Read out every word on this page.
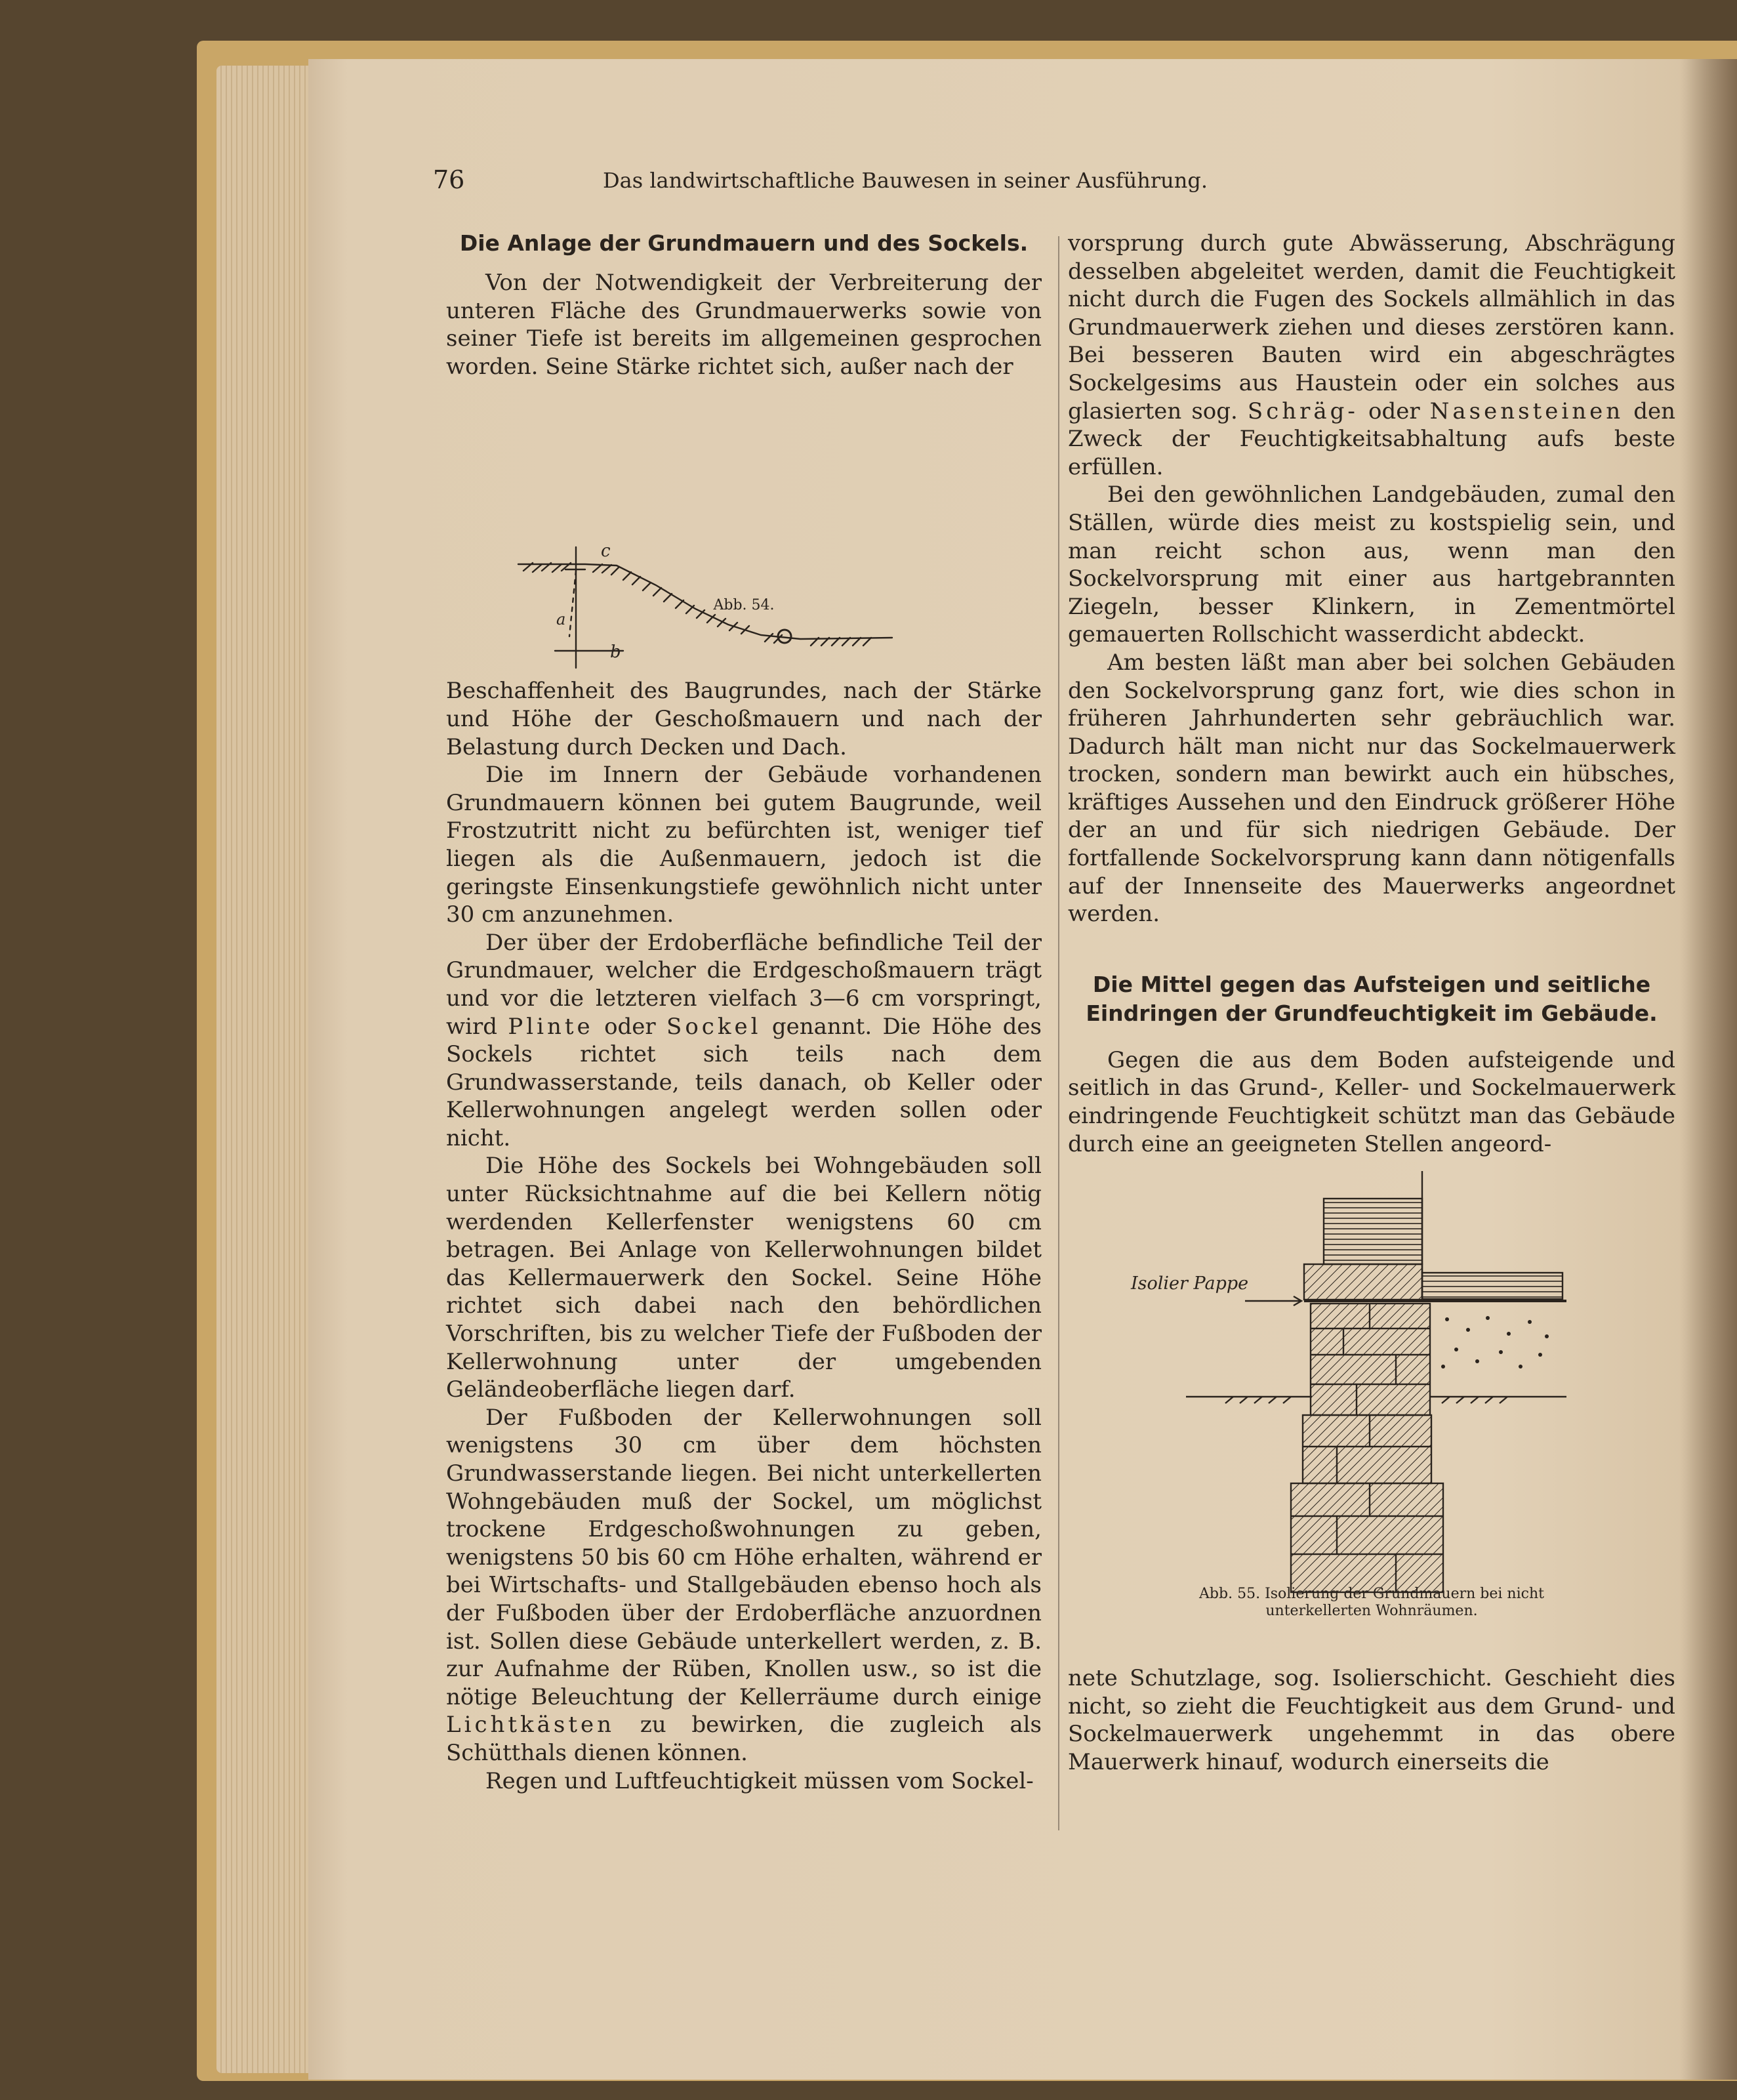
76	Das landwirtschaftliche Bauwesen in seiner Ausführung.
Die Anlage der Grundmauern und des Sockels.

Von der Notwendigkeit der Verbreiterung der unteren Fläche des Grundmauerwerks sowie von seiner Tiefe ist bereits im allgemeinen gesprochen worden. Seine Stärke richtet sich, außer nach der

c
b
a
Abb. 54.

Beschaffenheit des Baugrundes, nach der Stärke und Höhe der Geschoßmauern und nach der Belastung durch Decken und Dach.

Die im Innern der Gebäude vorhandenen Grundmauern können bei gutem Baugrunde, weil Frostzutritt nicht zu befürchten ist, weniger tief liegen als die Außenmauern, jedoch ist die geringste Einsenkungstiefe gewöhnlich nicht unter 30 cm anzunehmen.

Der über der Erdoberfläche befindliche Teil der Grundmauer, welcher die Erdgeschoßmauern trägt und vor die letzteren vielfach 3—6 cm vorspringt, wird Plinte oder Sockel genannt. Die Höhe des Sockels richtet sich teils nach dem Grundwasserstande, teils danach, ob Keller oder Kellerwohnungen angelegt werden sollen oder nicht.

Die Höhe des Sockels bei Wohngebäuden soll unter Rücksichtnahme auf die bei Kellern nötig werdenden Kellerfenster wenigstens 60 cm betragen. Bei Anlage von Kellerwohnungen bildet das Kellermauerwerk den Sockel. Seine Höhe richtet sich dabei nach den behördlichen Vorschriften, bis zu welcher Tiefe der Fußboden der Kellerwohnung unter der umgebenden Geländeoberfläche liegen darf.

Der Fußboden der Kellerwohnungen soll wenigstens 30 cm über dem höchsten Grundwasserstande liegen. Bei nicht unterkellerten Wohngebäuden muß der Sockel, um möglichst trockene Erdgeschoßwohnungen zu geben, wenigstens 50 bis 60 cm Höhe erhalten, während er bei Wirtschafts- und Stallgebäuden ebenso hoch als der Fußboden über der Erdoberfläche anzuordnen ist. Sollen diese Gebäude unterkellert werden, z. B. zur Aufnahme der Rüben, Knollen usw., so ist die nötige Beleuchtung der Kellerräume durch einige Lichtkästen zu bewirken, die zugleich als Schütthals dienen können.

Regen und Luftfeuchtigkeit müssen vom Sockel-

vorsprung durch gute Abwässerung, Abschrägung desselben abgeleitet werden, damit die Feuchtigkeit nicht durch die Fugen des Sockels allmählich in das Grundmauerwerk ziehen und dieses zerstören kann. Bei besseren Bauten wird ein abgeschrägtes Sockelgesims aus Haustein oder ein solches aus glasierten sog. Schräg- oder Nasensteinen den Zweck der Feuchtigkeitsabhaltung aufs beste erfüllen.

Bei den gewöhnlichen Landgebäuden, zumal den Ställen, würde dies meist zu kostspielig sein, und man reicht schon aus, wenn man den Sockelvorsprung mit einer aus hartgebrannten Ziegeln, besser Klinkern, in Zementmörtel gemauerten Rollschicht wasserdicht abdeckt.

Am besten läßt man aber bei solchen Gebäuden den Sockelvorsprung ganz fort, wie dies schon in früheren Jahrhunderten sehr gebräuchlich war. Dadurch hält man nicht nur das Sockelmauerwerk trocken, sondern man bewirkt auch ein hübsches, kräftiges Aussehen und den Eindruck größerer Höhe der an und für sich niedrigen Gebäude. Der fortfallende Sockelvorsprung kann dann nötigenfalls auf der Innenseite des Mauerwerks angeordnet werden.

Die Mittel gegen das Aufsteigen und seitliche Eindringen der Grundfeuchtigkeit im Gebäude.

Gegen die aus dem Boden aufsteigende und seitlich in das Grund-, Keller- und Sockelmauerwerk eindringende Feuchtigkeit schützt man das Gebäude durch eine an geeigneten Stellen angeord-

Isolier Pappe
Abb. 55. Isolierung der Grundmauern bei nicht
unterkellerten Wohnräumen.

nete Schutzlage, sog. Isolierschicht. Geschieht dies nicht, so zieht die Feuchtigkeit aus dem Grund- und Sockelmauerwerk ungehemmt in das obere Mauerwerk hinauf, wodurch einerseits die
